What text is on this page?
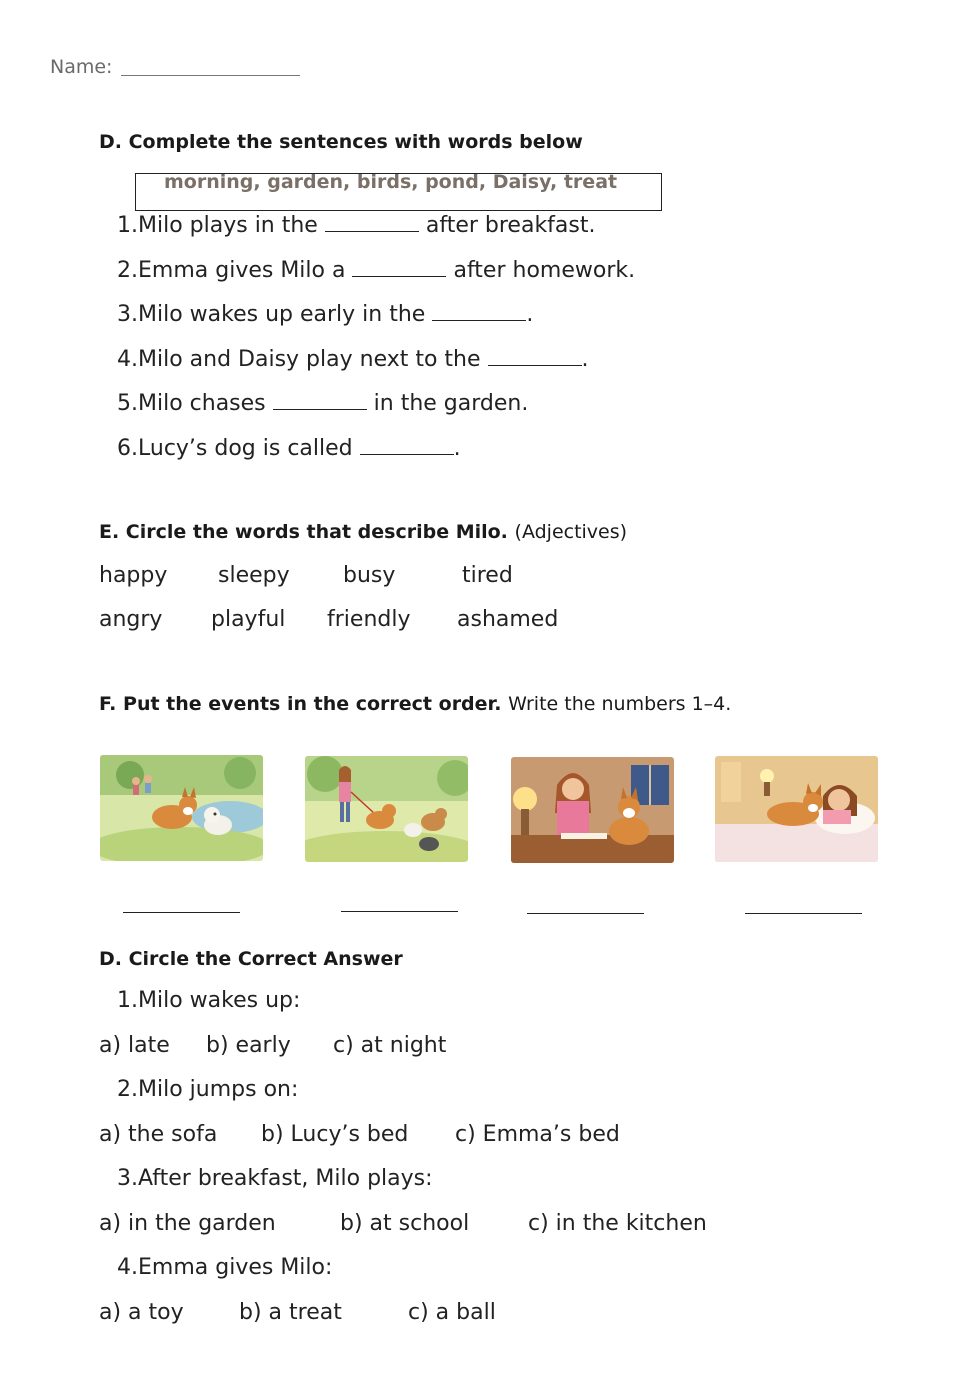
Name:
D. Complete the sentences with words below
morning, garden, birds, pond, Daisy, treat
1.Milo plays in the	after breakfast.
2.Emma gives Milo a	after homework.
3.Milo wakes up early in the	.
4.Milo and Daisy play next to the	.
5.Milo chases	in the garden.
6.Lucy’s dog is called	.
E. Circle the words that describe Milo. (Adjectives)
happy sleepy busy	tired
angry playful friendly ashamed
F. Put the events in the correct order. Write the numbers 1–4.
D. Circle the Correct Answer
1.Milo wakes up:
a) late b) early c) at night
2.Milo jumps on:
a) the sofa b) Lucy’s bed c) Emma’s bed
3.After breakfast, Milo plays:
a) in the garden	b) at school	c) in the kitchen
4.Emma gives Milo:
a) a toy	b) a treat	c) a ball
